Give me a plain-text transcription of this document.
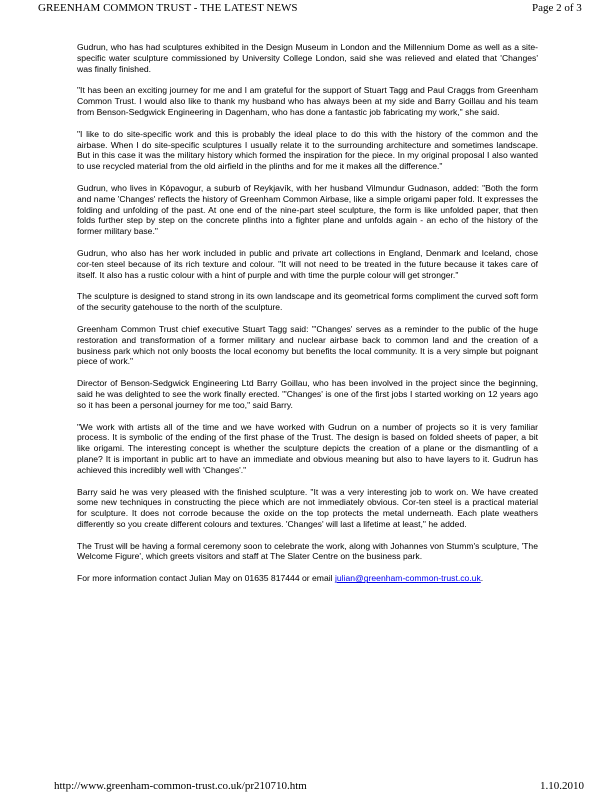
GREENHAM COMMON TRUST - THE LATEST NEWS	Page 2 of 3

Gudrun, who has had sculptures exhibited in the Design Museum in London and the Millennium Dome as well as a site-specific water sculpture commissioned by University College London, said she was relieved and elated that 'Changes' was finally finished.

"It has been an exciting journey for me and I am grateful for the support of Stuart Tagg and Paul Craggs from Greenham Common Trust. I would also like to thank my husband who has always been at my side and Barry Goillau and his team from Benson-Sedgwick Engineering in Dagenham, who has done a fantastic job fabricating my work," she said.

"I like to do site-specific work and this is probably the ideal place to do this with the history of the common and the airbase. When I do site-specific sculptures I usually relate it to the surrounding architecture and sometimes landscape. But in this case it was the military history which formed the inspiration for the piece. In my original proposal I also wanted to use recycled material from the old airfield in the plinths and for me it makes all the difference."

Gudrun, who lives in Kópavogur, a suburb of Reykjavík, with her husband Vilmundur Gudnason, added: "Both the form and name 'Changes' reflects the history of Greenham Common Airbase, like a simple origami paper fold. It expresses the folding and unfolding of the past. At one end of the nine-part steel sculpture, the form is like unfolded paper, that then folds further step by step on the concrete plinths into a fighter plane and unfolds again - an echo of the history of the former military base."

Gudrun, who also has her work included in public and private art collections in England, Denmark and Iceland, chose cor-ten steel because of its rich texture and colour. "It will not need to be treated in the future because it takes care of itself. It also has a rustic colour with a hint of purple and with time the purple colour will get stronger."

The sculpture is designed to stand strong in its own landscape and its geometrical forms compliment the curved soft form of the security gatehouse to the north of the sculpture.

Greenham Common Trust chief executive Stuart Tagg said: "'Changes' serves as a reminder to the public of the huge restoration and transformation of a former military and nuclear airbase back to common land and the creation of a business park which not only boosts the local economy but benefits the local community. It is a very simple but poignant piece of work."

Director of Benson-Sedgwick Engineering Ltd Barry Goillau, who has been involved in the project since the beginning, said he was delighted to see the work finally erected. "'Changes' is one of the first jobs I started working on 12 years ago so it has been a personal journey for me too," said Barry.

"We work with artists all of the time and we have worked with Gudrun on a number of projects so it is very familiar process. It is symbolic of the ending of the first phase of the Trust. The design is based on folded sheets of paper, a bit like origami. The interesting concept is whether the sculpture depicts the creation of a plane or the dismantling of a plane? It is important in public art to have an immediate and obvious meaning but also to have layers to it. Gudrun has achieved this incredibly well with 'Changes'."

Barry said he was very pleased with the finished sculpture. "It was a very interesting job to work on. We have created some new techniques in constructing the piece which are not immediately obvious. Cor-ten steel is a practical material for sculpture. It does not corrode because the oxide on the top protects the metal underneath. Each plate weathers differently so you create different colours and textures. 'Changes' will last a lifetime at least," he added.

The Trust will be having a formal ceremony soon to celebrate the work, along with Johannes von Stumm's sculpture, 'The Welcome Figure', which greets visitors and staff at The Slater Centre on the business park.

For more information contact Julian May on 01635 817444 or email julian@greenham-common-trust.co.uk.

http://www.greenham-common-trust.co.uk/pr210710.htm	1.10.2010
